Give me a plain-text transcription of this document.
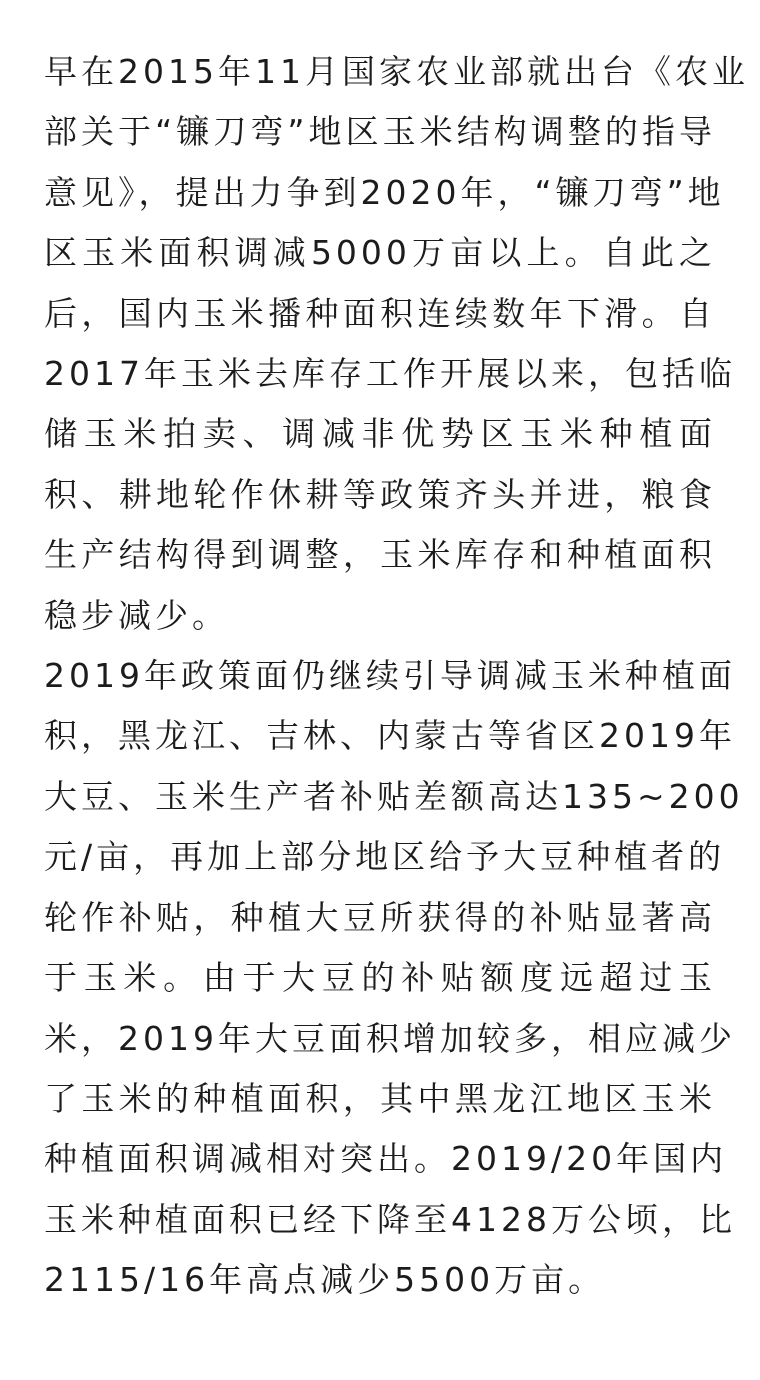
早在2015年11月国家农业部就出台《农业
部关于“镰刀弯”地区玉米结构调整的指导
意见》，提出力争到2020年，“镰刀弯”地
区玉米面积调减5000万亩以上。自此之
后，国内玉米播种面积连续数年下滑。自
2017年玉米去库存工作开展以来，包括临
储玉米拍卖、调减非优势区玉米种植面
积、耕地轮作休耕等政策齐头并进，粮食
生产结构得到调整，玉米库存和种植面积
稳步减少。

2019年政策面仍继续引导调减玉米种植面
积，黑龙江、吉林、内蒙古等省区2019年
大豆、玉米生产者补贴差额高达135~200
元/亩，再加上部分地区给予大豆种植者的
轮作补贴，种植大豆所获得的补贴显著高
于玉米。由于大豆的补贴额度远超过玉
米，2019年大豆面积增加较多，相应减少
了玉米的种植面积，其中黑龙江地区玉米
种植面积调减相对突出。2019/20年国内
玉米种植面积已经下降至4128万公顷，比
2115/16年高点减少5500万亩。
